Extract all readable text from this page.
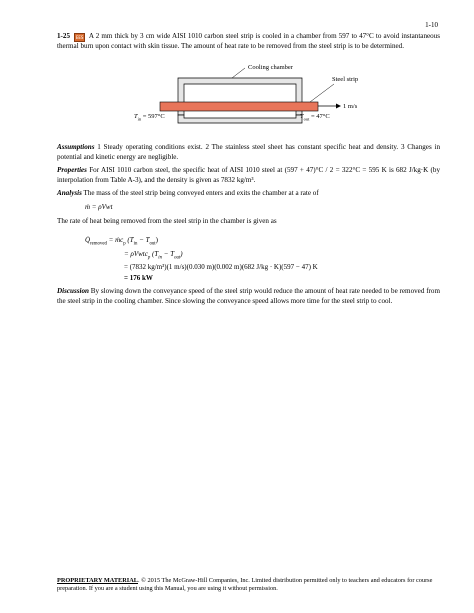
1-10
1-25 EES A 2 mm thick by 3 cm wide AISI 1010 carbon steel strip is cooled in a chamber from 597 to 47°C to avoid instantaneous thermal burn upon contact with skin tissue. The amount of heat rate to be removed from the steel strip is to be determined.
Cooling chamber
Steel strip
1 m/s
$T_{in} = 597^\circ C$	$T_{out} = 47^\circ C$
Assumptions 1 Steady operating conditions exist. 2 The stainless steel sheet has constant specific heat and density. 3 Changes in potential and kinetic energy are negligible.
Properties For AISI 1010 carbon steel, the specific heat of AISI 1010 steel at (597 + 47)°C / 2 = 322°C = 595 K is 682 J/kg·K (by interpolation from Table A-3), and the density is given as 7832 kg/m³.
Analysis The mass of the steel strip being conveyed enters and exits the chamber at a rate of
ṁ = ρVwt
The rate of heat being removed from the steel strip in the chamber is given as
$Q̇_{removed}$ = ṁc$_p$ $(T_{in} - T_{out})$
= ρVwtc$_p$ $(T_{in} - T_{out})$
= (7832 kg/m³)(1 m/s)(0.030 m)(0.002 m)(682 J/kg · K)(597 − 47) K
= 176 kW
Discussion By slowing down the conveyance speed of the steel strip would reduce the amount of heat rate needed to be removed from the steel strip in the cooling chamber. Since slowing the conveyance speed allows more time for the steel strip to cool.
PROPRIETARY MATERIAL. © 2015 The McGraw-Hill Companies, Inc. Limited distribution permitted only to teachers and educators for course preparation. If you are a student using this Manual, you are using it without permission.
